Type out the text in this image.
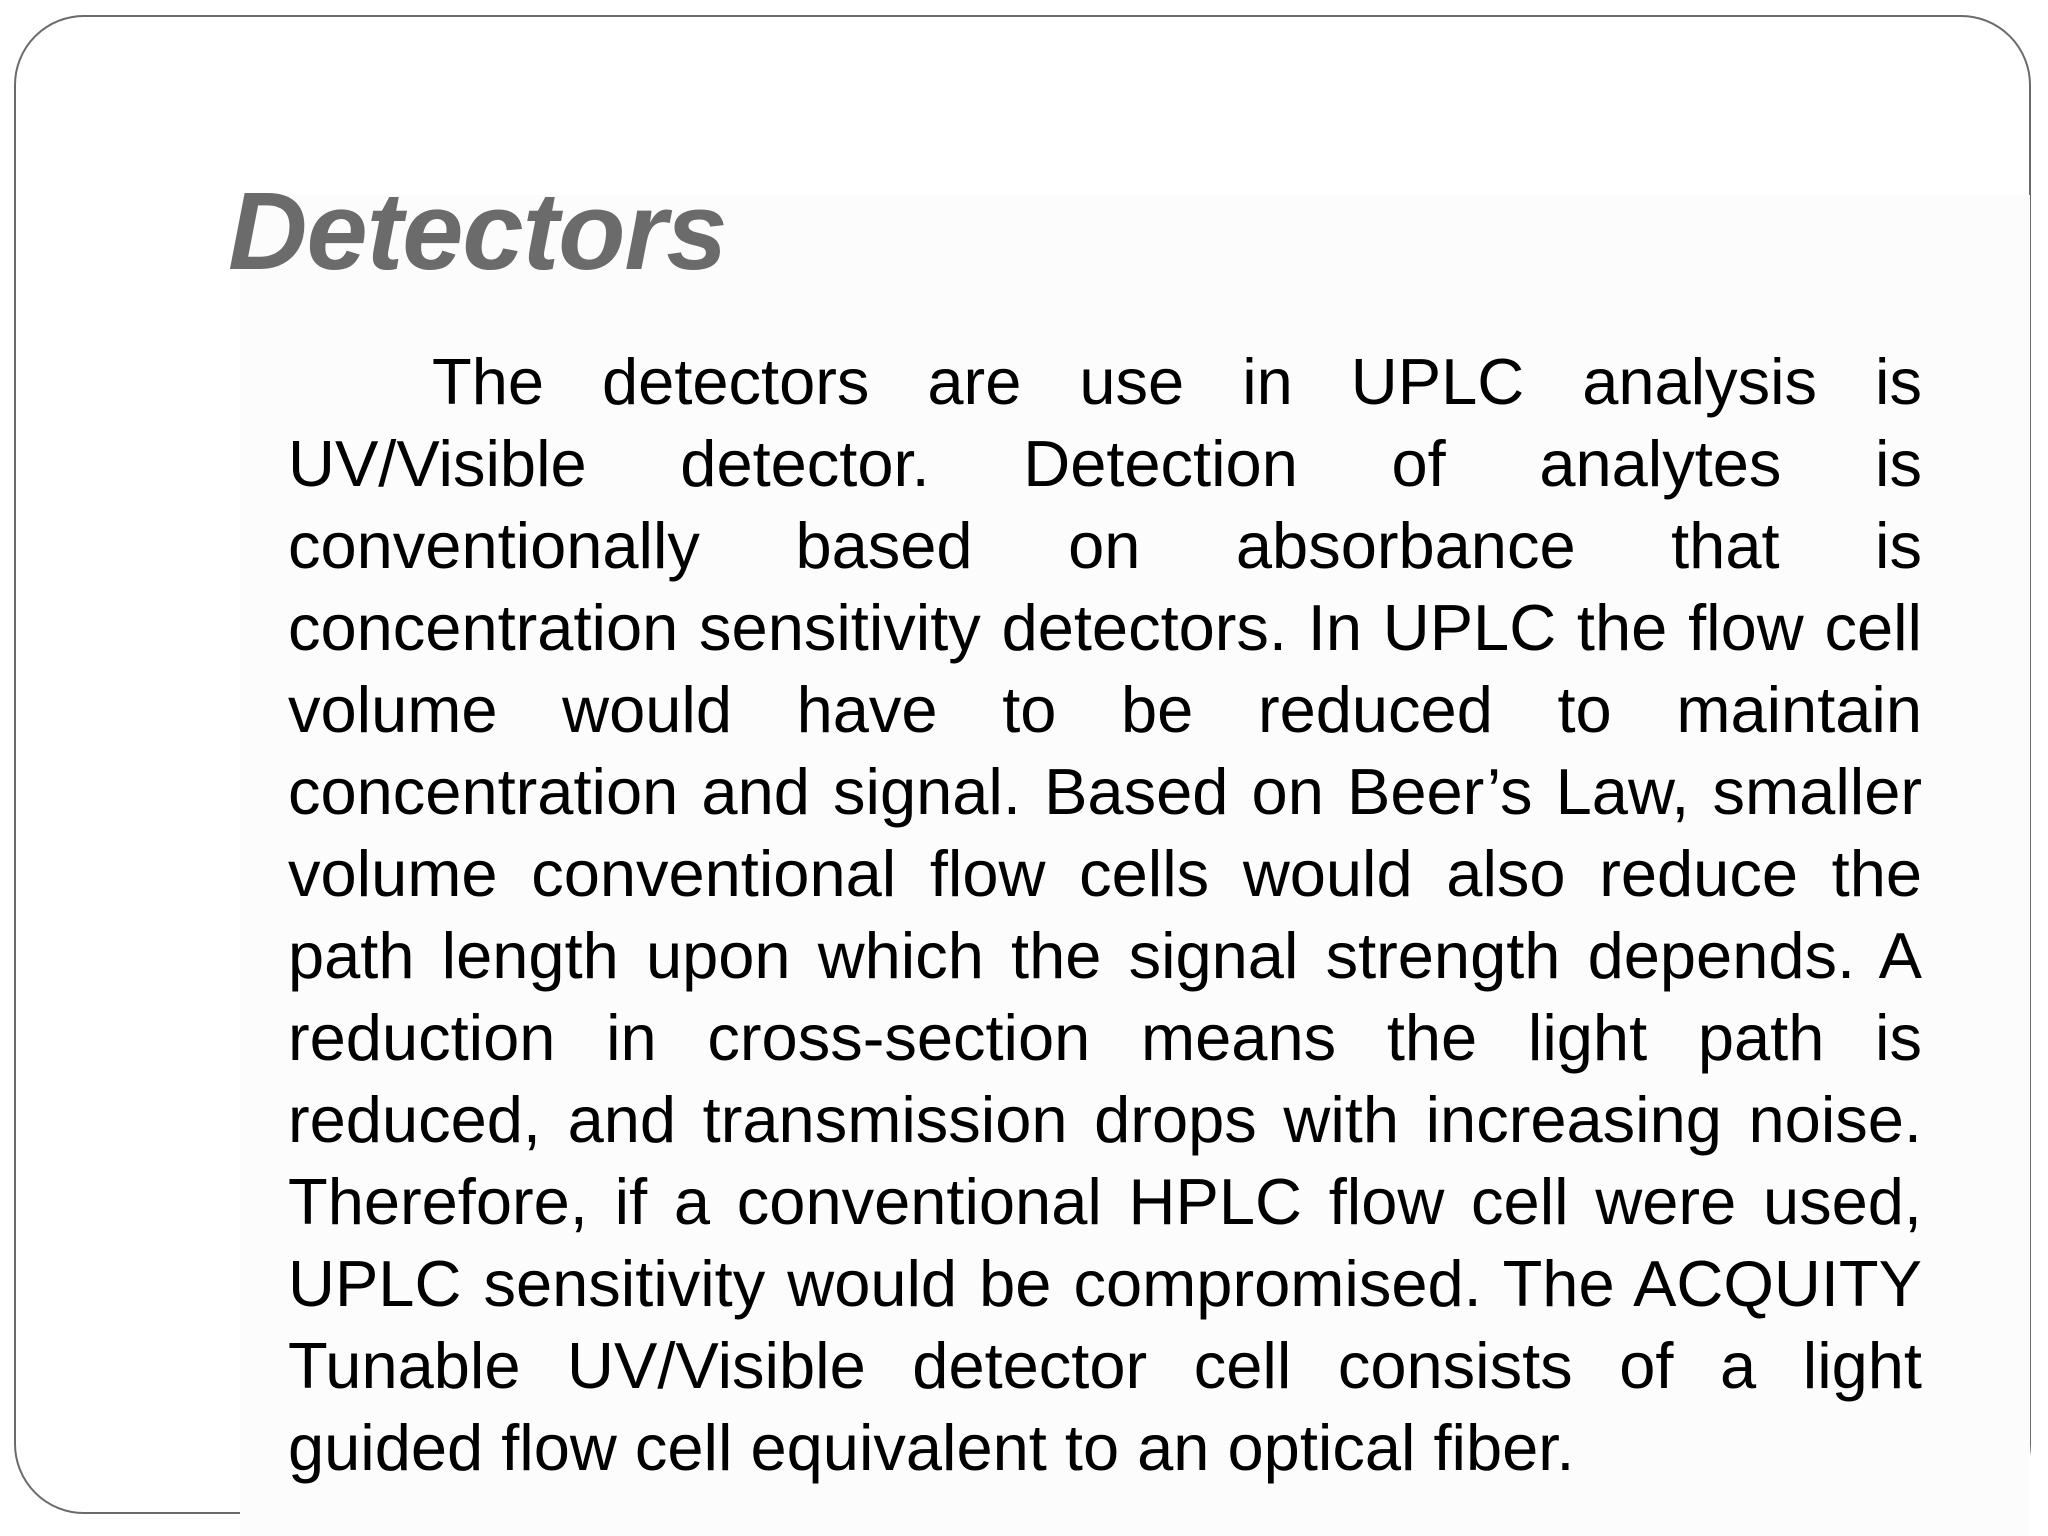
Detectors

The detectors are use in UPLC analysis is UV/Visible detector. Detection of analytes is conventionally based on absorbance that is concentration sensitivity detectors. In UPLC the flow cell volume would have to be reduced to maintain concentration and signal. Based on Beer’s Law, smaller volume conventional flow cells would also reduce the path length upon which the signal strength depends. A reduction in cross-section means the light path is reduced, and transmission drops with increasing noise. Therefore, if a conventional HPLC flow cell were used, UPLC sensitivity would be compromised. The ACQUITY Tunable UV/Visible detector cell consists of a light guided flow cell equivalent to an optical fiber.
